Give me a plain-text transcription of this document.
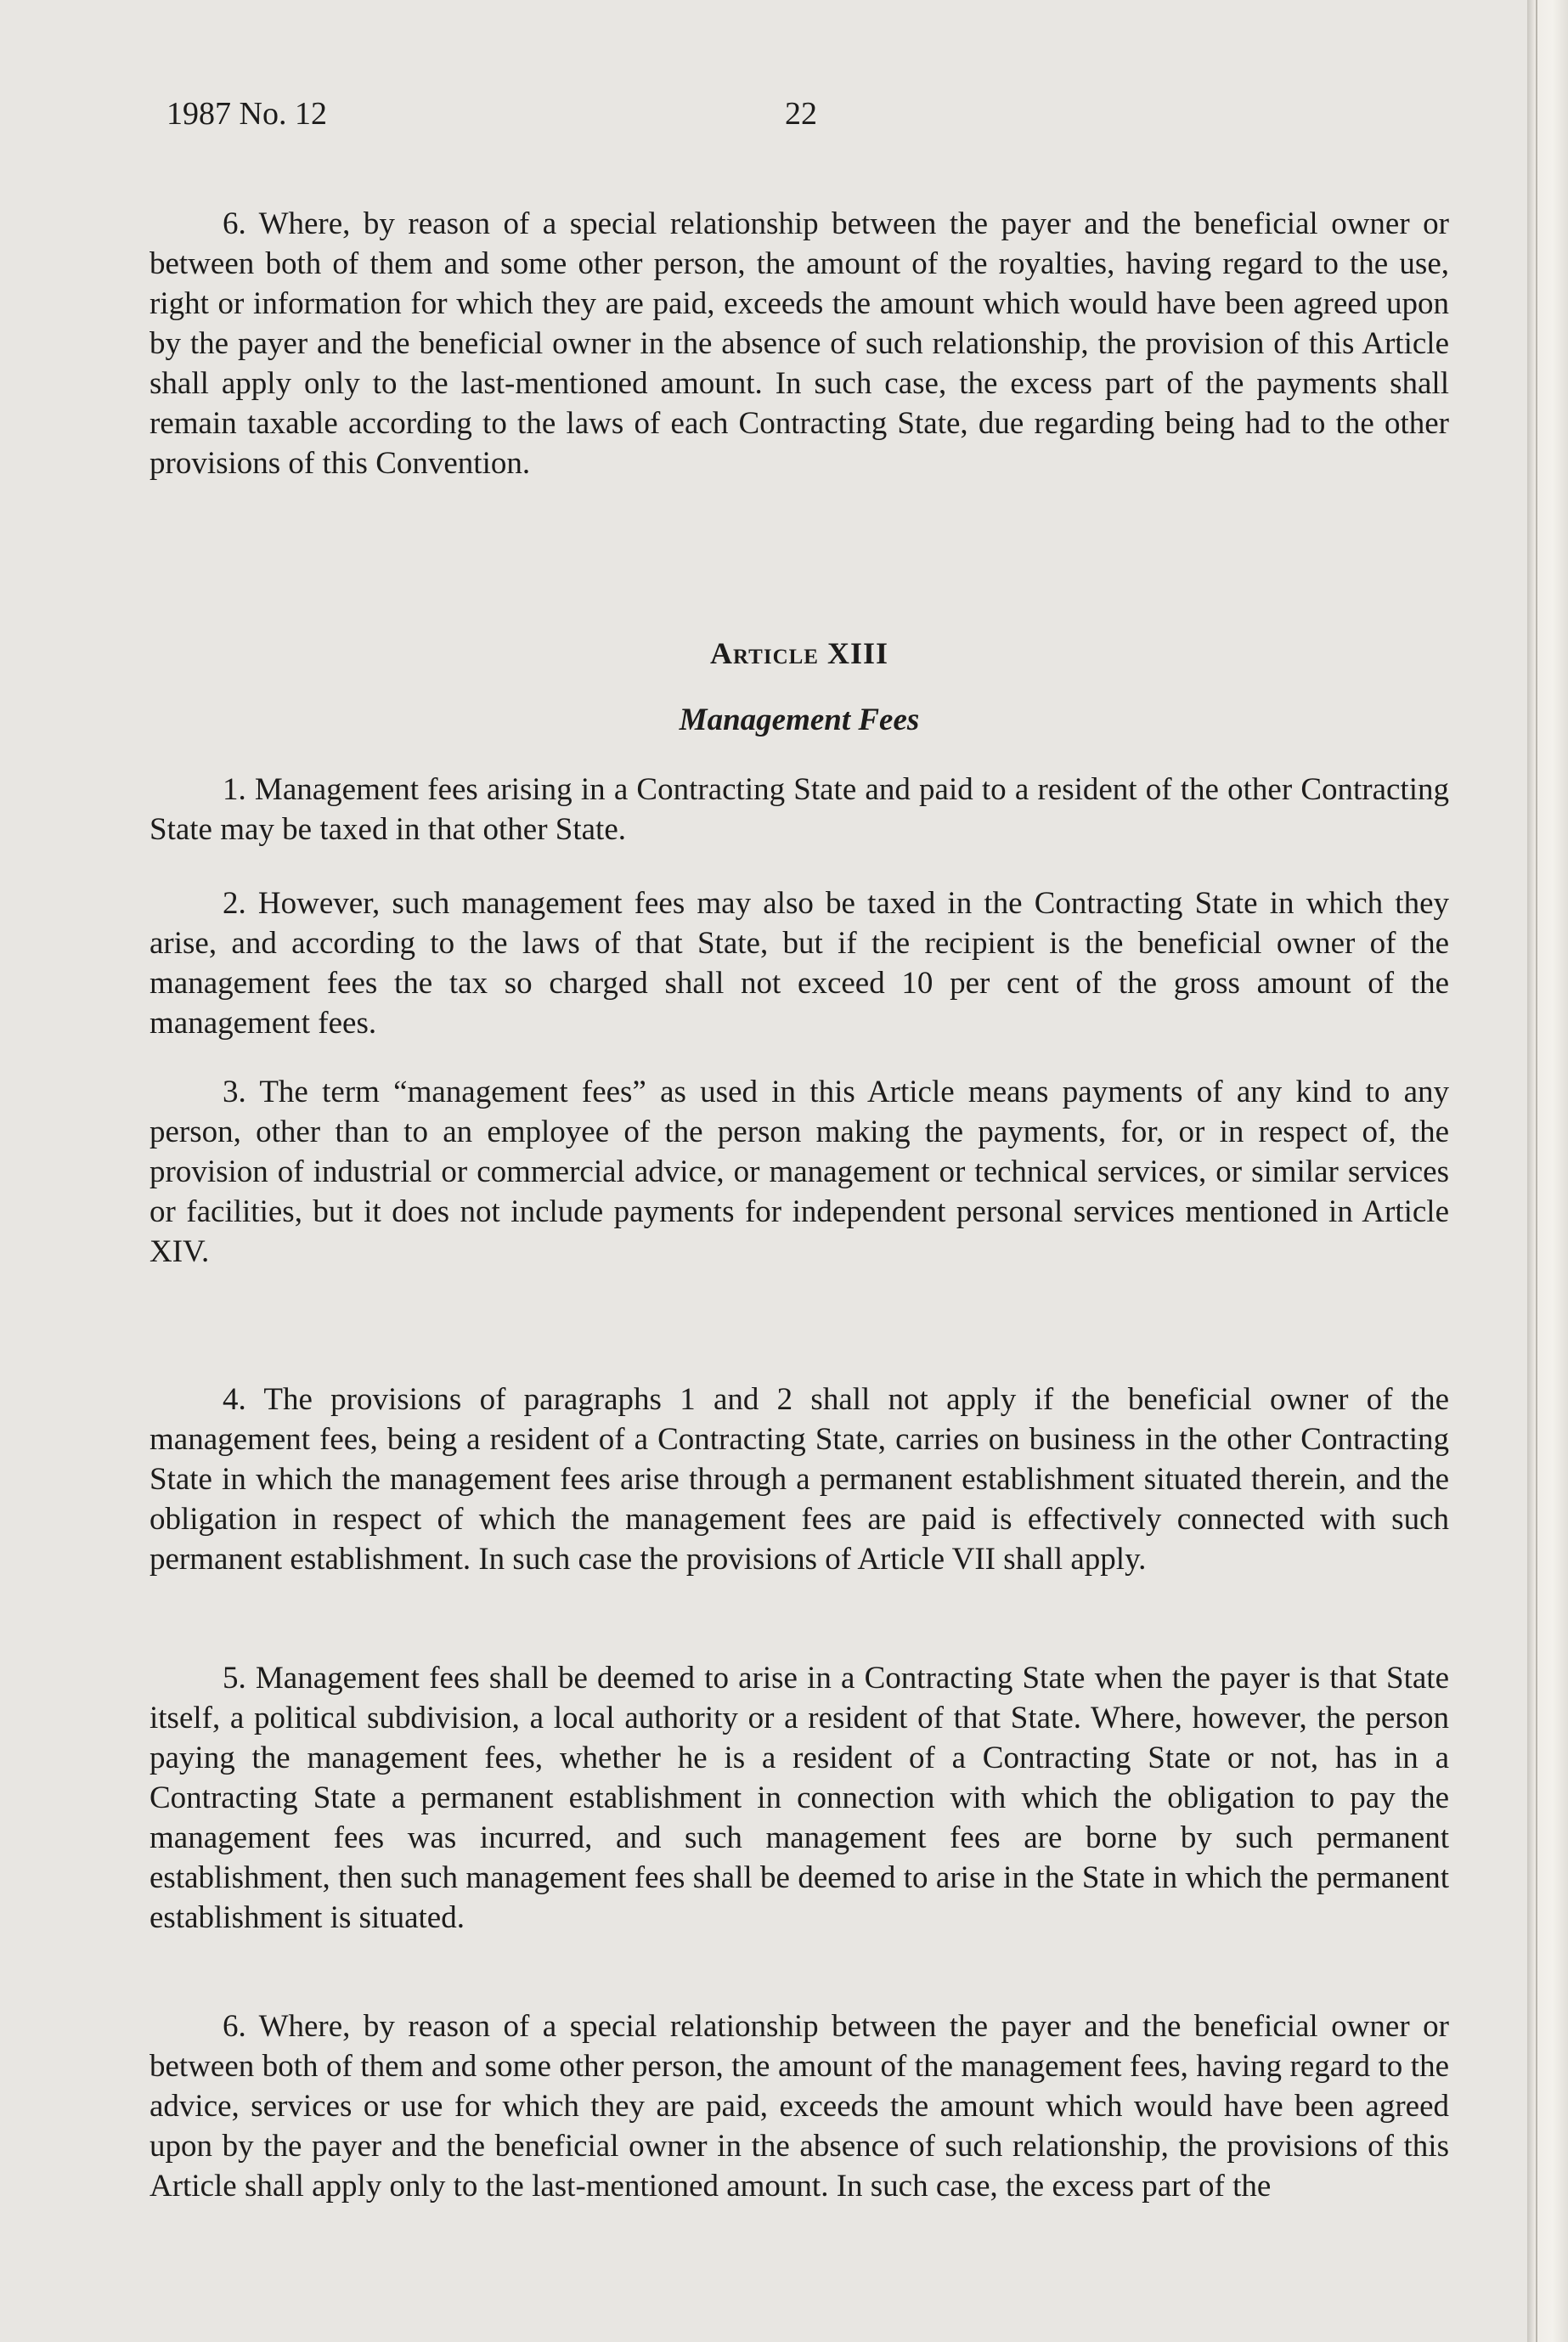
1987 No. 12	22

6. Where, by reason of a special relationship between the payer and the beneficial owner or between both of them and some other person, the amount of the royalties, having regard to the use, right or information for which they are paid, exceeds the amount which would have been agreed upon by the payer and the beneficial owner in the absence of such relationship, the provision of this Article shall apply only to the last-mentioned amount. In such case, the excess part of the payments shall remain taxable according to the laws of each Contracting State, due regarding being had to the other provisions of this Convention.

Article XIII
Management Fees

1. Management fees arising in a Contracting State and paid to a resident of the other Contracting State may be taxed in that other State.

2. However, such management fees may also be taxed in the Contracting State in which they arise, and according to the laws of that State, but if the recipient is the beneficial owner of the management fees the tax so charged shall not exceed 10 per cent of the gross amount of the management fees.

3. The term “management fees” as used in this Article means payments of any kind to any person, other than to an employee of the person making the payments, for, or in respect of, the provision of industrial or commercial advice, or management or technical services, or similar services or facilities, but it does not include payments for independent personal services mentioned in Article XIV.

4. The provisions of paragraphs 1 and 2 shall not apply if the beneficial owner of the management fees, being a resident of a Contracting State, carries on business in the other Contracting State in which the management fees arise through a permanent establishment situated therein, and the obligation in respect of which the management fees are paid is effectively connected with such permanent establishment. In such case the provisions of Article VII shall apply.

5. Management fees shall be deemed to arise in a Contracting State when the payer is that State itself, a political subdivision, a local authority or a resident of that State. Where, however, the person paying the management fees, whether he is a resident of a Contracting State or not, has in a Contracting State a permanent establishment in connection with which the obligation to pay the management fees was incurred, and such management fees are borne by such permanent establishment, then such management fees shall be deemed to arise in the State in which the permanent establishment is situated.

6. Where, by reason of a special relationship between the payer and the beneficial owner or between both of them and some other person, the amount of the management fees, having regard to the advice, services or use for which they are paid, exceeds the amount which would have been agreed upon by the payer and the beneficial owner in the absence of such relationship, the provisions of this Article shall apply only to the last-mentioned amount. In such case, the excess part of the
